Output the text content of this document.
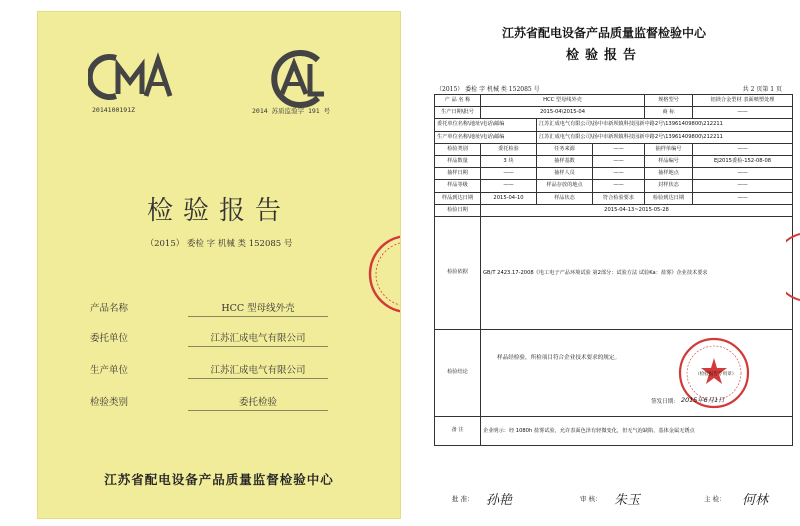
MA
2014100191Z	2014 苏质监验字 191 号
检验报告
（2015） 委检 字 机械 类 152085 号
产品名称	HCC 型母线外壳
委托单位	江苏汇成电气有限公司
生产单位	江苏汇成电气有限公司
检验类别	委托检验
江苏省配电设备产品质量监督检验中心
江苏省配电设备产品质量监督检验中心
检验报告
（2015） 委检 字 机械 类 152085 号	共 2 页第 1 页
产 品 名 称	HCC 型母线外壳			规格型号	铝镁合金型材 表面喷塑处理
生产日期\批号	2015-04\2015-04			商 标	——
委托单位名称\地址\电话\邮编		江苏汇成电气有限公司\扬中市新坝镇科技园新中路2号\13961409800\212211			
生产单位名称\地址\电话\邮编		江苏汇成电气有限公司\扬中市新坝镇科技园新中路2号\13961409800\212211			
检验类别	委托检验	任务来源	——	抽样单编号	——
样品数量	3 块	抽样基数	——	样品编号	EJ2015委检-152-08-08
抽样日期	——	抽样人员	——	抽样地点	——
样品等级	——	样品存放的地点	——	封样状态	——
样品到达日期	2015-04-10	样品状态	符合检验要求	检验到达日期	——
检验日期	2015-04-13~2015-05-28				
检验依据	GB/T 2423.17-2008《电工电子产品环境试验 第2部分：试验方法 试验Ka：盐雾》企业技术要求				
检验结论	样品经检验，所检项目符合企业技术要求的规定。
（检验报告专用章）
签发日期： 2015年6月1日				

备 注	企业明示：经 1080h 盐雾试验，允许表面色泽有轻微变化，但无气泡缺陷，基体金属无锈点				
批 准： 孙艳	审 核： 朱玉	主 检： 何林
